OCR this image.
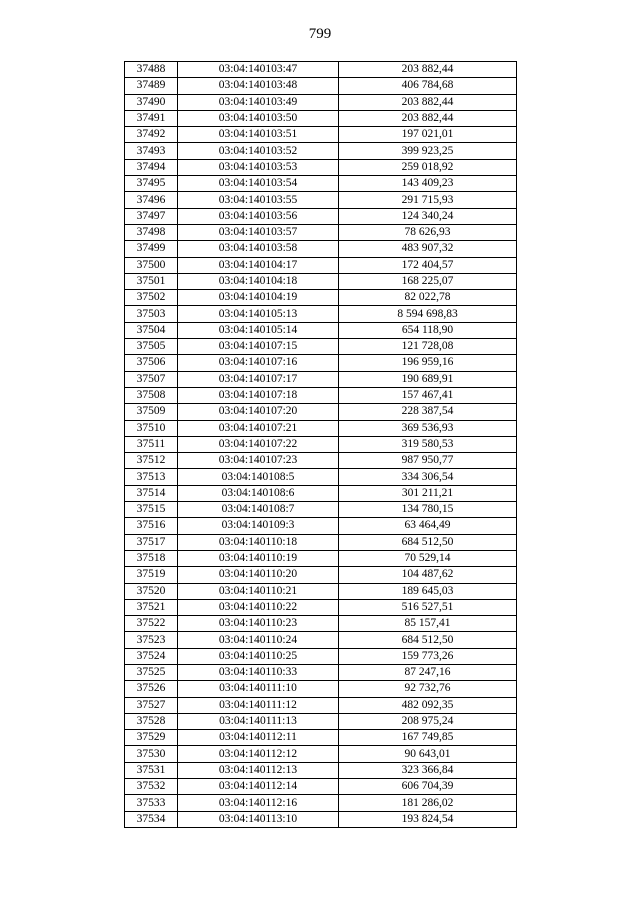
799
37488	03:04:140103:47	203 882,44
37489	03:04:140103:48	406 784,68
37490	03:04:140103:49	203 882,44
37491	03:04:140103:50	203 882,44
37492	03:04:140103:51	197 021,01
37493	03:04:140103:52	399 923,25
37494	03:04:140103:53	259 018,92
37495	03:04:140103:54	143 409,23
37496	03:04:140103:55	291 715,93
37497	03:04:140103:56	124 340,24
37498	03:04:140103:57	78 626,93
37499	03:04:140103:58	483 907,32
37500	03:04:140104:17	172 404,57
37501	03:04:140104:18	168 225,07
37502	03:04:140104:19	82 022,78
37503	03:04:140105:13	8 594 698,83
37504	03:04:140105:14	654 118,90
37505	03:04:140107:15	121 728,08
37506	03:04:140107:16	196 959,16
37507	03:04:140107:17	190 689,91
37508	03:04:140107:18	157 467,41
37509	03:04:140107:20	228 387,54
37510	03:04:140107:21	369 536,93
37511	03:04:140107:22	319 580,53
37512	03:04:140107:23	987 950,77
37513	03:04:140108:5	334 306,54
37514	03:04:140108:6	301 211,21
37515	03:04:140108:7	134 780,15
37516	03:04:140109:3	63 464,49
37517	03:04:140110:18	684 512,50
37518	03:04:140110:19	70 529,14
37519	03:04:140110:20	104 487,62
37520	03:04:140110:21	189 645,03
37521	03:04:140110:22	516 527,51
37522	03:04:140110:23	85 157,41
37523	03:04:140110:24	684 512,50
37524	03:04:140110:25	159 773,26
37525	03:04:140110:33	87 247,16
37526	03:04:140111:10	92 732,76
37527	03:04:140111:12	482 092,35
37528	03:04:140111:13	208 975,24
37529	03:04:140112:11	167 749,85
37530	03:04:140112:12	90 643,01
37531	03:04:140112:13	323 366,84
37532	03:04:140112:14	606 704,39
37533	03:04:140112:16	181 286,02
37534	03:04:140113:10	193 824,54
